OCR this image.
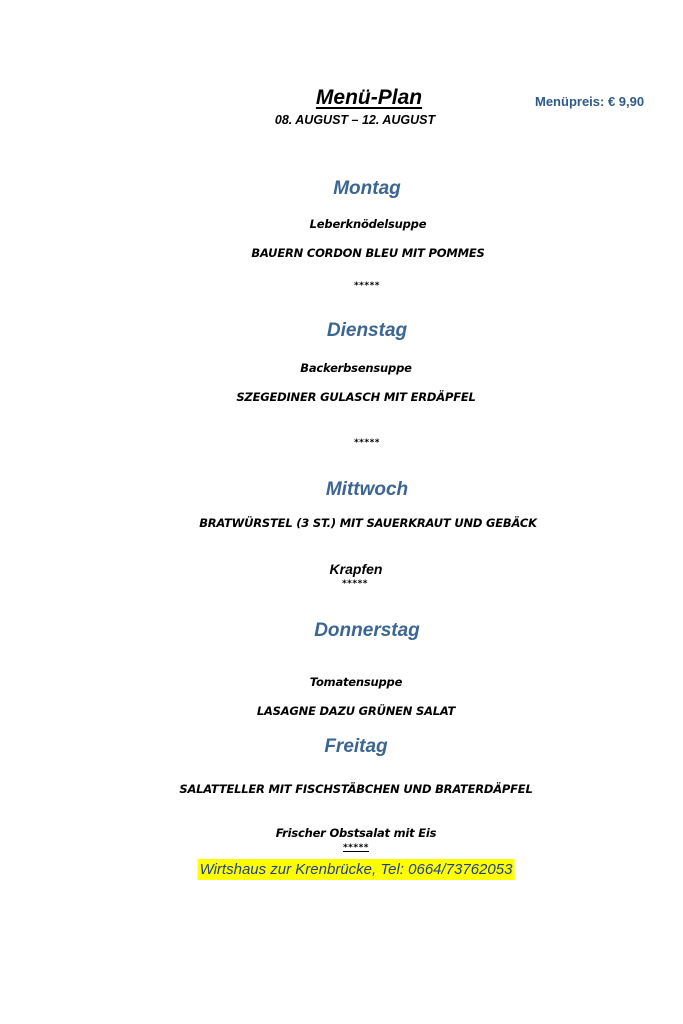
Menü-Plan
08. AUGUST – 12. AUGUST
Menüpreis: € 9,90
Montag
Leberknödelsuppe
BAUERN CORDON BLEU MIT POMMES
*****
Dienstag
Backerbsensuppe
SZEGEDINER GULASCH MIT ERDÄPFEL
*****
Mittwoch
BRATWÜRSTEL (3 ST.) MIT SAUERKRAUT UND GEBÄCK
Krapfen
*****
Donnerstag
Tomatensuppe
LASAGNE DAZU GRÜNEN SALAT
Freitag
SALATTELLER MIT FISCHSTÄBCHEN UND BRATERDÄPFEL
Frischer Obstsalat mit Eis
*****
Wirtshaus zur Krenbrücke, Tel: 0664/73762053
